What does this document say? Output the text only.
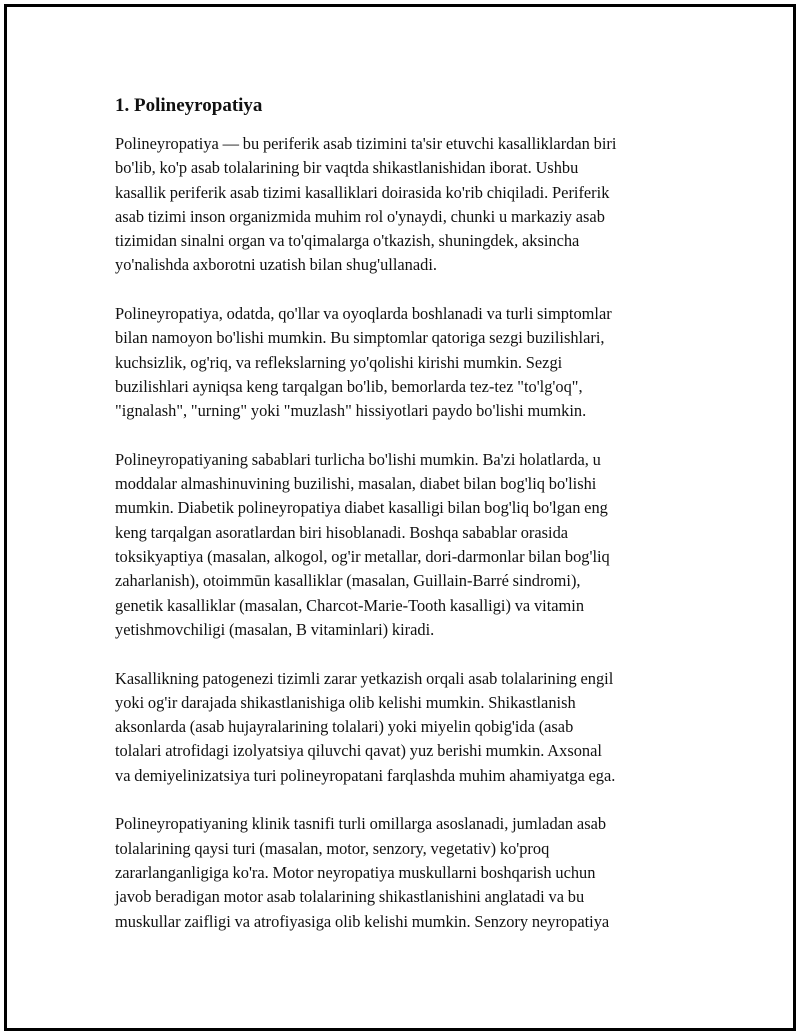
1. Polineyropatiya

Polineyropatiya — bu periferik asab tizimini ta'sir etuvchi kasalliklardan biri
bo'lib, ko'p asab tolalarining bir vaqtda shikastlanishidan iborat. Ushbu
kasallik periferik asab tizimi kasalliklari doirasida ko'rib chiqiladi. Periferik
asab tizimi inson organizmida muhim rol o'ynaydi, chunki u markaziy asab
tizimidan sinalni organ va to'qimalarga o'tkazish, shuningdek, aksincha
yo'nalishda axborotni uzatish bilan shug'ullanadi.

Polineyropatiya, odatda, qo'llar va oyoqlarda boshlanadi va turli simptomlar
bilan namoyon bo'lishi mumkin. Bu simptomlar qatoriga sezgi buzilishlari,
kuchsizlik, og'riq, va reflekslarning yo'qolishi kirishi mumkin. Sezgi
buzilishlari ayniqsa keng tarqalgan bo'lib, bemorlarda tez-tez "to'lg'oq",
"ignalash", "urning" yoki "muzlash" hissiyotlari paydo bo'lishi mumkin.

Polineyropatiyaning sabablari turlicha bo'lishi mumkin. Ba'zi holatlarda, u
moddalar almashinuvining buzilishi, masalan, diabet bilan bog'liq bo'lishi
mumkin. Diabetik polineyropatiya diabet kasalligi bilan bog'liq bo'lgan eng
keng tarqalgan asoratlardan biri hisoblanadi. Boshqa sabablar orasida
toksikyaptiya (masalan, alkogol, og'ir metallar, dori-darmonlar bilan bog'liq
zaharlanish), otoimmūn kasalliklar (masalan, Guillain-Barré sindromi),
genetik kasalliklar (masalan, Charcot-Marie-Tooth kasalligi) va vitamin
yetishmovchiligi (masalan, B vitaminlari) kiradi.

Kasallikning patogenezi tizimli zarar yetkazish orqali asab tolalarining engil
yoki og'ir darajada shikastlanishiga olib kelishi mumkin. Shikastlanish
aksonlarda (asab hujayralarining tolalari) yoki miyelin qobig'ida (asab
tolalari atrofidagi izolyatsiya qiluvchi qavat) yuz berishi mumkin. Axsonal
va demiyelinizatsiya turi polineyropatani farqlashda muhim ahamiyatga ega.

Polineyropatiyaning klinik tasnifi turli omillarga asoslanadi, jumladan asab
tolalarining qaysi turi (masalan, motor, senzory, vegetativ) ko'proq
zararlanganligiga ko'ra. Motor neyropatiya muskullarni boshqarish uchun
javob beradigan motor asab tolalarining shikastlanishini anglatadi va bu
muskullar zaifligi va atrofiyasiga olib kelishi mumkin. Senzory neyropatiya
